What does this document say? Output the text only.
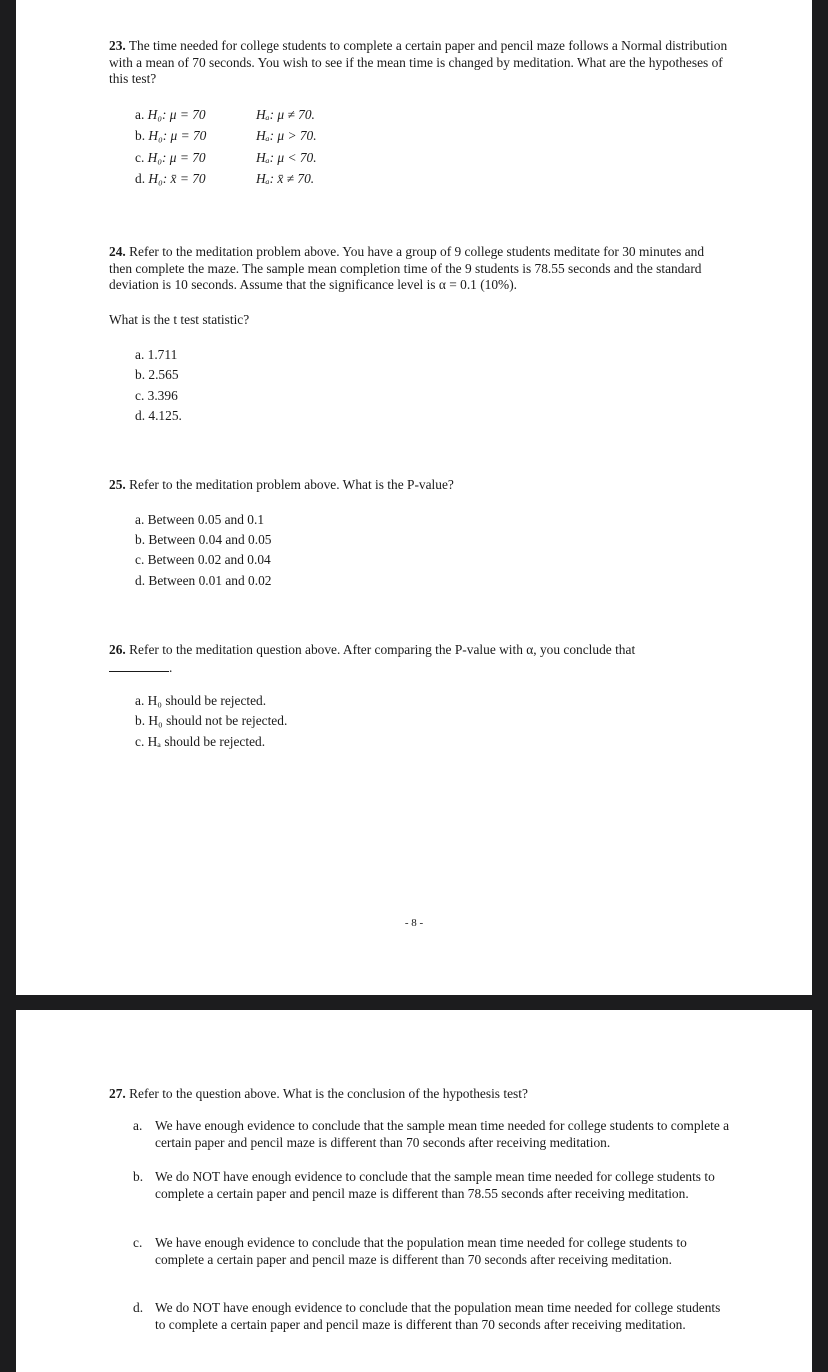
23. The time needed for college students to complete a certain paper and pencil maze follows a Normal distribution with a mean of 70 seconds. You wish to see if the mean time is changed by meditation. What are the hypotheses of this test?
a. H₀: μ = 70	Hₐ: μ ≠ 70.
b. H₀: μ = 70	Hₐ: μ > 70.
c. H₀: μ = 70	Hₐ: μ < 70.
d. H₀: x̄ = 70	Hₐ: x̄ ≠ 70.
24. Refer to the meditation problem above. You have a group of 9 college students meditate for 30 minutes and then complete the maze. The sample mean completion time of the 9 students is 78.55 seconds and the standard deviation is 10 seconds. Assume that the significance level is α = 0.1 (10%).
What is the t test statistic?
a. 1.711
b. 2.565
c. 3.396
d. 4.125.
25. Refer to the meditation problem above. What is the P-value?
a. Between 0.05 and 0.1
b. Between 0.04 and 0.05
c. Between 0.02 and 0.04
d. Between 0.01 and 0.02
26. Refer to the meditation question above. After comparing the P-value with α, you conclude that
.
a. H₀ should be rejected.
b. H₀ should not be rejected.
c. Hₐ should be rejected.
- 8 -
27. Refer to the question above. What is the conclusion of the hypothesis test?
a. We have enough evidence to conclude that the sample mean time needed for college students to complete a certain paper and pencil maze is different than 70 seconds after receiving meditation.
b. We do NOT have enough evidence to conclude that the sample mean time needed for college students to complete a certain paper and pencil maze is different than 78.55 seconds after receiving meditation.
c. We have enough evidence to conclude that the population mean time needed for college students to complete a certain paper and pencil maze is different than 70 seconds after receiving meditation.
d. We do NOT have enough evidence to conclude that the population mean time needed for college students to complete a certain paper and pencil maze is different than 70 seconds after receiving meditation.
